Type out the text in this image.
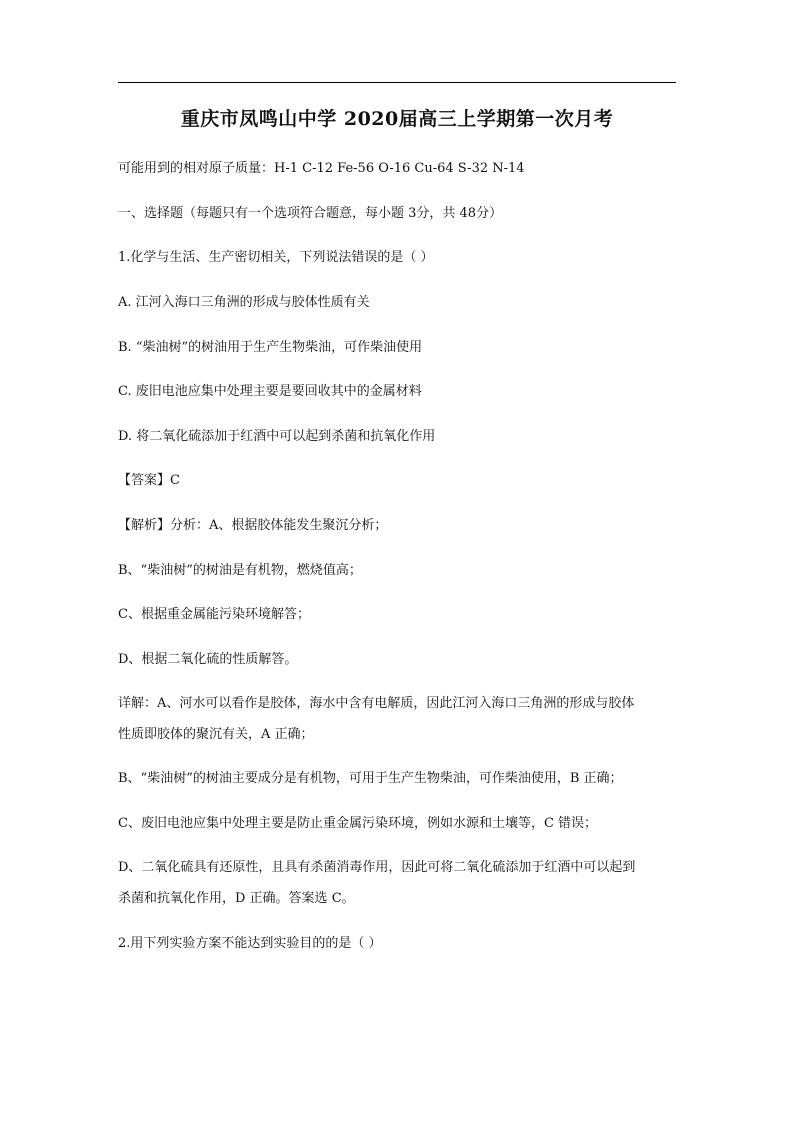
重庆市凤鸣山中学 2020届高三上学期第一次月考
可能用到的相对原子质量：H-1 C-12 Fe-56 O-16 Cu-64 S-32 N-14
一、选择题（每题只有一个选项符合题意，每小题 3分，共 48分）
1.化学与生活、生产密切相关，下列说法错误的是（ ）
A. 江河入海口三角洲的形成与胶体性质有关
B. “柴油树”的树油用于生产生物柴油，可作柴油使用
C. 废旧电池应集中处理主要是要回收其中的金属材料
D. 将二氧化硫添加于红酒中可以起到杀菌和抗氧化作用
【答案】C
【解析】分析：A、根据胶体能发生聚沉分析；
B、“柴油树”的树油是有机物，燃烧值高；
C、根据重金属能污染环境解答；
D、根据二氧化硫的性质解答。
详解：A、河水可以看作是胶体，海水中含有电解质，因此江河入海口三角洲的形成与胶体
性质即胶体的聚沉有关，A 正确；
B、“柴油树”的树油主要成分是有机物，可用于生产生物柴油，可作柴油使用，B 正确；
C、废旧电池应集中处理主要是防止重金属污染环境，例如水源和土壤等，C 错误；
D、二氧化硫具有还原性，且具有杀菌消毒作用，因此可将二氧化硫添加于红酒中可以起到
杀菌和抗氧化作用，D 正确。答案选 C。
2.用下列实验方案不能达到实验目的的是（ ）
